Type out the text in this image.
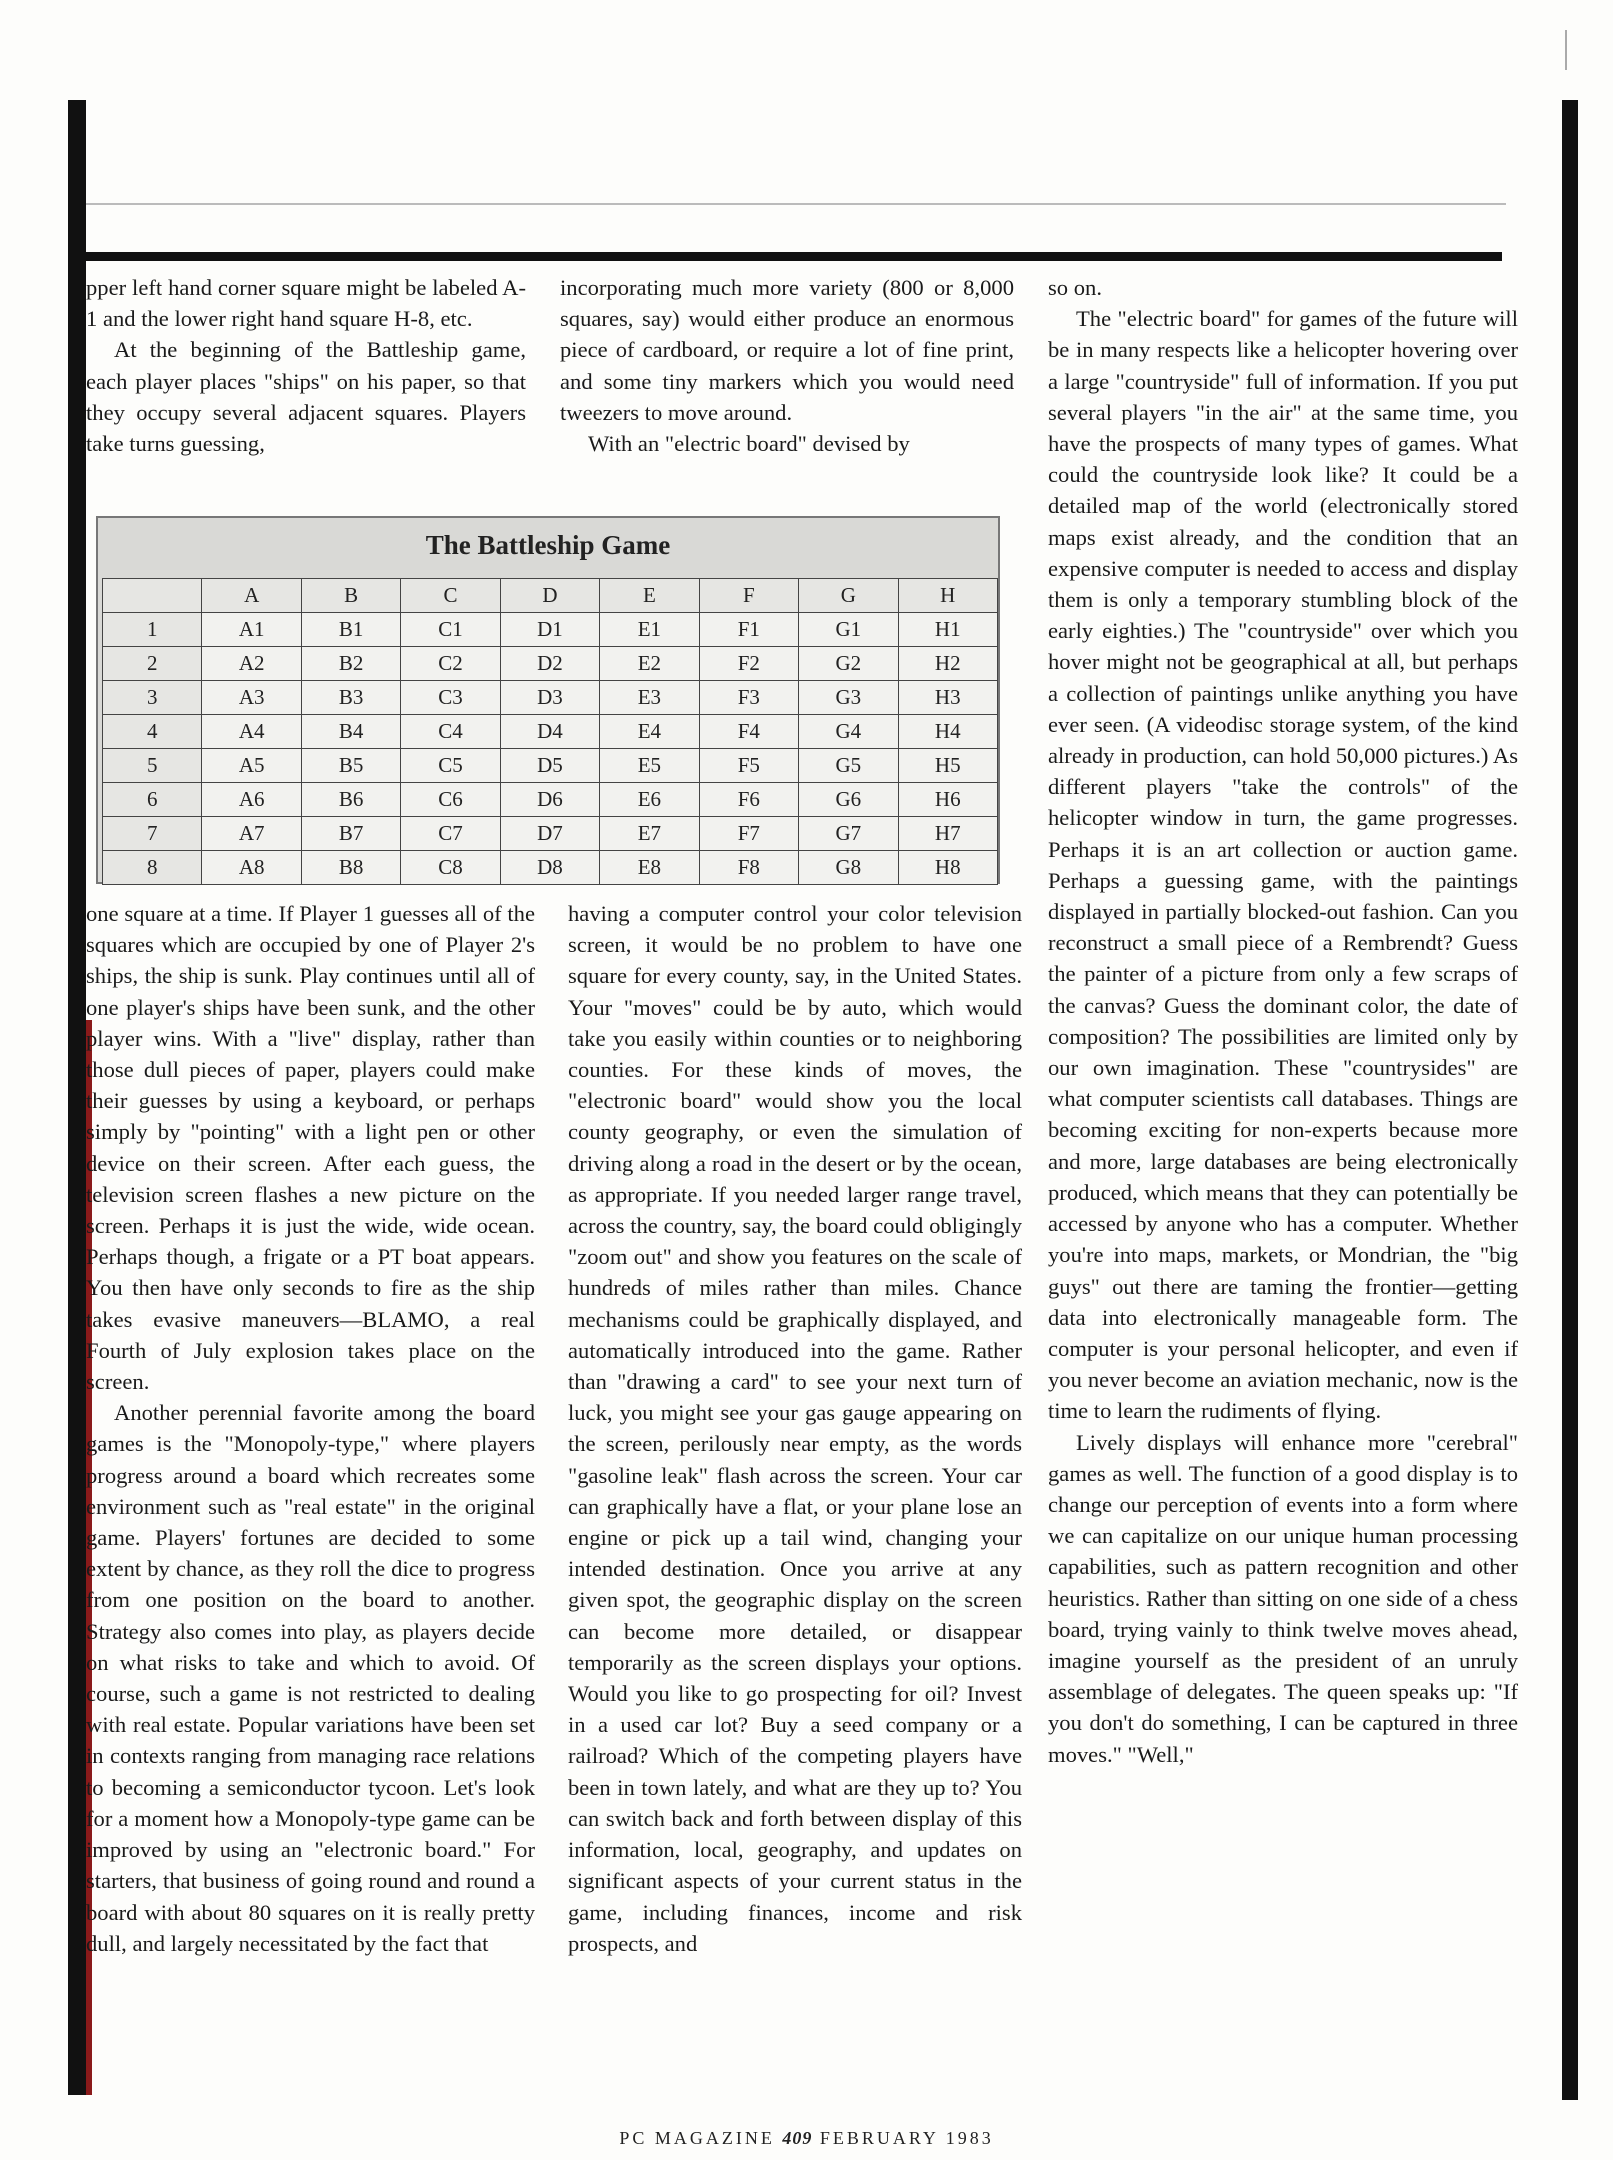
pper left hand corner square might be labeled A-1 and the lower right hand square H-8, etc.

At the beginning of the Battleship game, each player places "ships" on his paper, so that they occupy several adjacent squares. Players take turns guessing,

incorporating much more variety (800 or 8,000 squares, say) would either produce an enormous piece of cardboard, or require a lot of fine print, and some tiny markers which you would need tweezers to move around.

With an "electric board" devised by

The Battleship Game
	A	B	C	D	E	F	G	H
1	A1	B1	C1	D1	E1	F1	G1	H1
2	A2	B2	C2	D2	E2	F2	G2	H2
3	A3	B3	C3	D3	E3	F3	G3	H3
4	A4	B4	C4	D4	E4	F4	G4	H4
5	A5	B5	C5	D5	E5	F5	G5	H5
6	A6	B6	C6	D6	E6	F6	G6	H6
7	A7	B7	C7	D7	E7	F7	G7	H7
8	A8	B8	C8	D8	E8	F8	G8	H8

one square at a time. If Player 1 guesses all of the squares which are occupied by one of Player 2's ships, the ship is sunk. Play continues until all of one player's ships have been sunk, and the other player wins. With a "live" display, rather than those dull pieces of paper, players could make their guesses by using a keyboard, or perhaps simply by "pointing" with a light pen or other device on their screen. After each guess, the television screen flashes a new picture on the screen. Perhaps it is just the wide, wide ocean. Perhaps though, a frigate or a PT boat appears. You then have only seconds to fire as the ship takes evasive maneuvers—BLAMO, a real Fourth of July explosion takes place on the screen.

Another perennial favorite among the board games is the "Monopoly-type," where players progress around a board which recreates some environment such as "real estate" in the original game. Players' fortunes are decided to some extent by chance, as they roll the dice to progress from one position on the board to another. Strategy also comes into play, as players decide on what risks to take and which to avoid. Of course, such a game is not restricted to dealing with real estate. Popular variations have been set in contexts ranging from managing race relations to becoming a semiconductor tycoon. Let's look for a moment how a Monopoly-type game can be improved by using an "electronic board." For starters, that business of going round and round a board with about 80 squares on it is really pretty dull, and largely necessitated by the fact that

having a computer control your color television screen, it would be no problem to have one square for every county, say, in the United States. Your "moves" could be by auto, which would take you easily within counties or to neighboring counties. For these kinds of moves, the "electronic board" would show you the local county geography, or even the simulation of driving along a road in the desert or by the ocean, as appropriate. If you needed larger range travel, across the country, say, the board could obligingly "zoom out" and show you features on the scale of hundreds of miles rather than miles. Chance mechanisms could be graphically displayed, and automatically introduced into the game. Rather than "drawing a card" to see your next turn of luck, you might see your gas gauge appearing on the screen, perilously near empty, as the words "gasoline leak" flash across the screen. Your car can graphically have a flat, or your plane lose an engine or pick up a tail wind, changing your intended destination. Once you arrive at any given spot, the geographic display on the screen can become more detailed, or disappear temporarily as the screen displays your options. Would you like to go prospecting for oil? Invest in a used car lot? Buy a seed company or a railroad? Which of the competing players have been in town lately, and what are they up to? You can switch back and forth between display of this information, local, geography, and updates on significant aspects of your current status in the game, including finances, income and risk prospects, and

so on.

The "electric board" for games of the future will be in many respects like a helicopter hovering over a large "countryside" full of information. If you put several players "in the air" at the same time, you have the prospects of many types of games. What could the countryside look like? It could be a detailed map of the world (electronically stored maps exist already, and the condition that an expensive computer is needed to access and display them is only a temporary stumbling block of the early eighties.) The "countryside" over which you hover might not be geographical at all, but perhaps a collection of paintings unlike anything you have ever seen. (A videodisc storage system, of the kind already in production, can hold 50,000 pictures.) As different players "take the controls" of the helicopter window in turn, the game progresses. Perhaps it is an art collection or auction game. Perhaps a guessing game, with the paintings displayed in partially blocked-out fashion. Can you reconstruct a small piece of a Rembrendt? Guess the painter of a picture from only a few scraps of the canvas? Guess the dominant color, the date of composition? The possibilities are limited only by our own imagination. These "countrysides" are what computer scientists call databases. Things are becoming exciting for non-experts because more and more, large databases are being electronically produced, which means that they can potentially be accessed by anyone who has a computer. Whether you're into maps, markets, or Mondrian, the "big guys" out there are taming the frontier—getting data into electronically manageable form. The computer is your personal helicopter, and even if you never become an aviation mechanic, now is the time to learn the rudiments of flying.

Lively displays will enhance more "cerebral" games as well. The function of a good display is to change our perception of events into a form where we can capitalize on our unique human processing capabilities, such as pattern recognition and other heuristics. Rather than sitting on one side of a chess board, trying vainly to think twelve moves ahead, imagine yourself as the president of an unruly assemblage of delegates. The queen speaks up: "If you don't do something, I can be captured in three moves." "Well,"

PC MAGAZINE 409 FEBRUARY 1983
